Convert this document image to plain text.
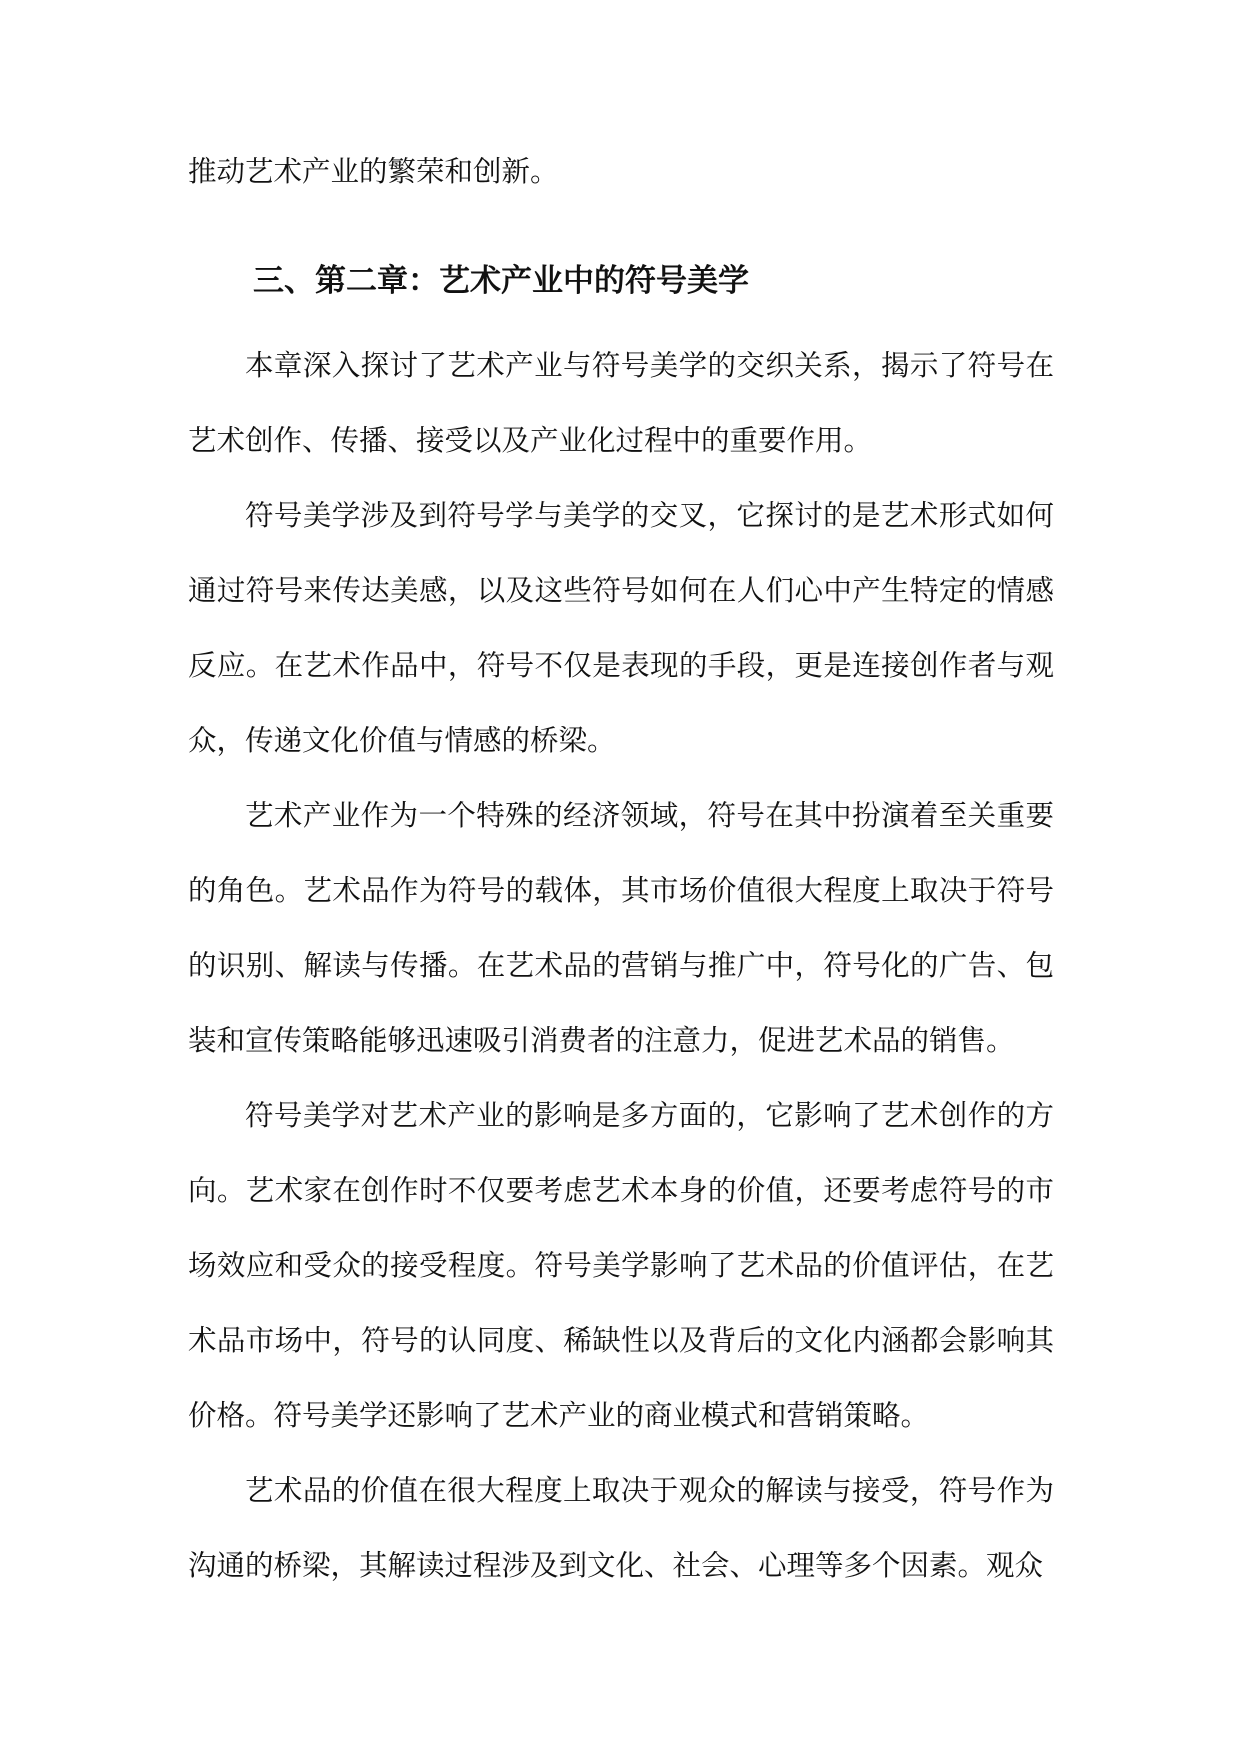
推动艺术产业的繁荣和创新。

三、第二章：艺术产业中的符号美学

本章深入探讨了艺术产业与符号美学的交织关系，揭示了符号在艺术创作、传播、接受以及产业化过程中的重要作用。

符号美学涉及到符号学与美学的交叉，它探讨的是艺术形式如何通过符号来传达美感，以及这些符号如何在人们心中产生特定的情感反应。在艺术作品中，符号不仅是表现的手段，更是连接创作者与观众，传递文化价值与情感的桥梁。

艺术产业作为一个特殊的经济领域，符号在其中扮演着至关重要的角色。艺术品作为符号的载体，其市场价值很大程度上取决于符号的识别、解读与传播。在艺术品的营销与推广中，符号化的广告、包装和宣传策略能够迅速吸引消费者的注意力，促进艺术品的销售。

符号美学对艺术产业的影响是多方面的，它影响了艺术创作的方向。艺术家在创作时不仅要考虑艺术本身的价值，还要考虑符号的市场效应和受众的接受程度。符号美学影响了艺术品的价值评估，在艺术品市场中，符号的认同度、稀缺性以及背后的文化内涵都会影响其价格。符号美学还影响了艺术产业的商业模式和营销策略。

艺术品的价值在很大程度上取决于观众的解读与接受，符号作为沟通的桥梁，其解读过程涉及到文化、社会、心理等多个因素。观众
